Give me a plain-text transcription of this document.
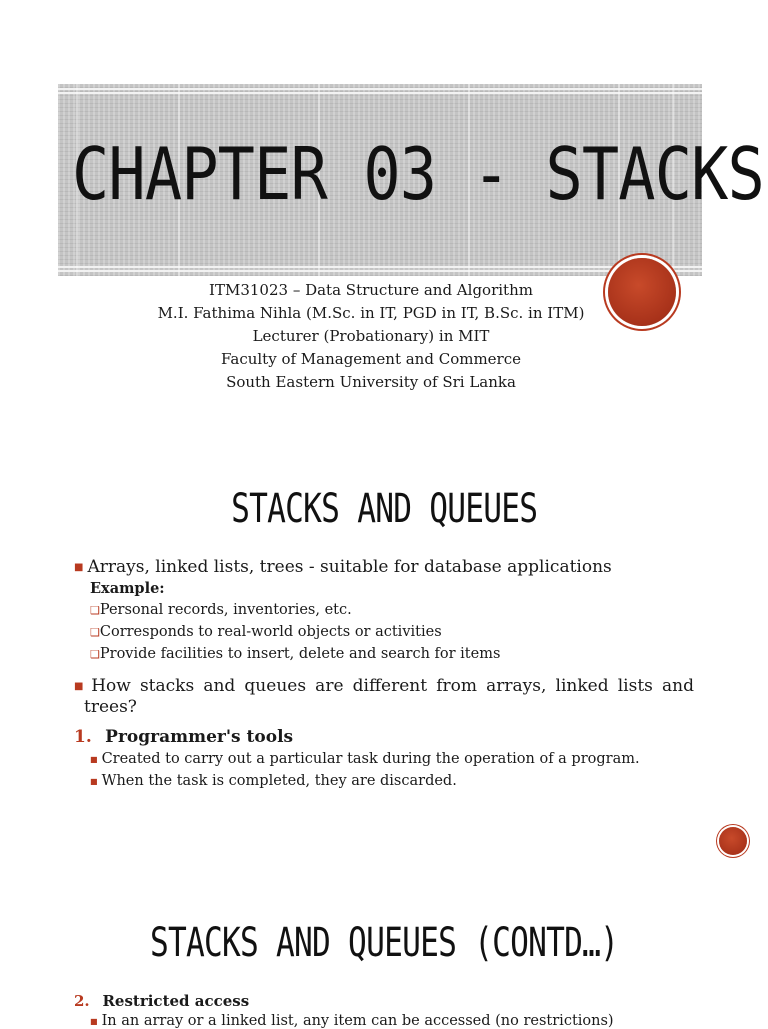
CHAPTER 03 - STACKS
ITM31023 – Data Structure and Algorithm
M.I. Fathima Nihla (M.Sc. in IT, PGD in IT, B.Sc. in ITM)
Lecturer (Probationary) in MIT
Faculty of Management and Commerce
South Eastern University of Sri Lanka
STACKS AND QUEUES
■ Arrays, linked lists, trees - suitable for database applications
Example:
❑Personal records, inventories, etc.
❑Corresponds to real-world objects or activities
❑Provide facilities to insert, delete and search for items
■ How stacks and queues are different from arrays, linked lists and
trees?
1. Programmer's tools
■ Created to carry out a particular task during the operation of a program.
■ When the task is completed, they are discarded.
STACKS AND QUEUES (CONTD…)
2. Restricted access
■ In an array or a linked list, any item can be accessed (no restrictions)
